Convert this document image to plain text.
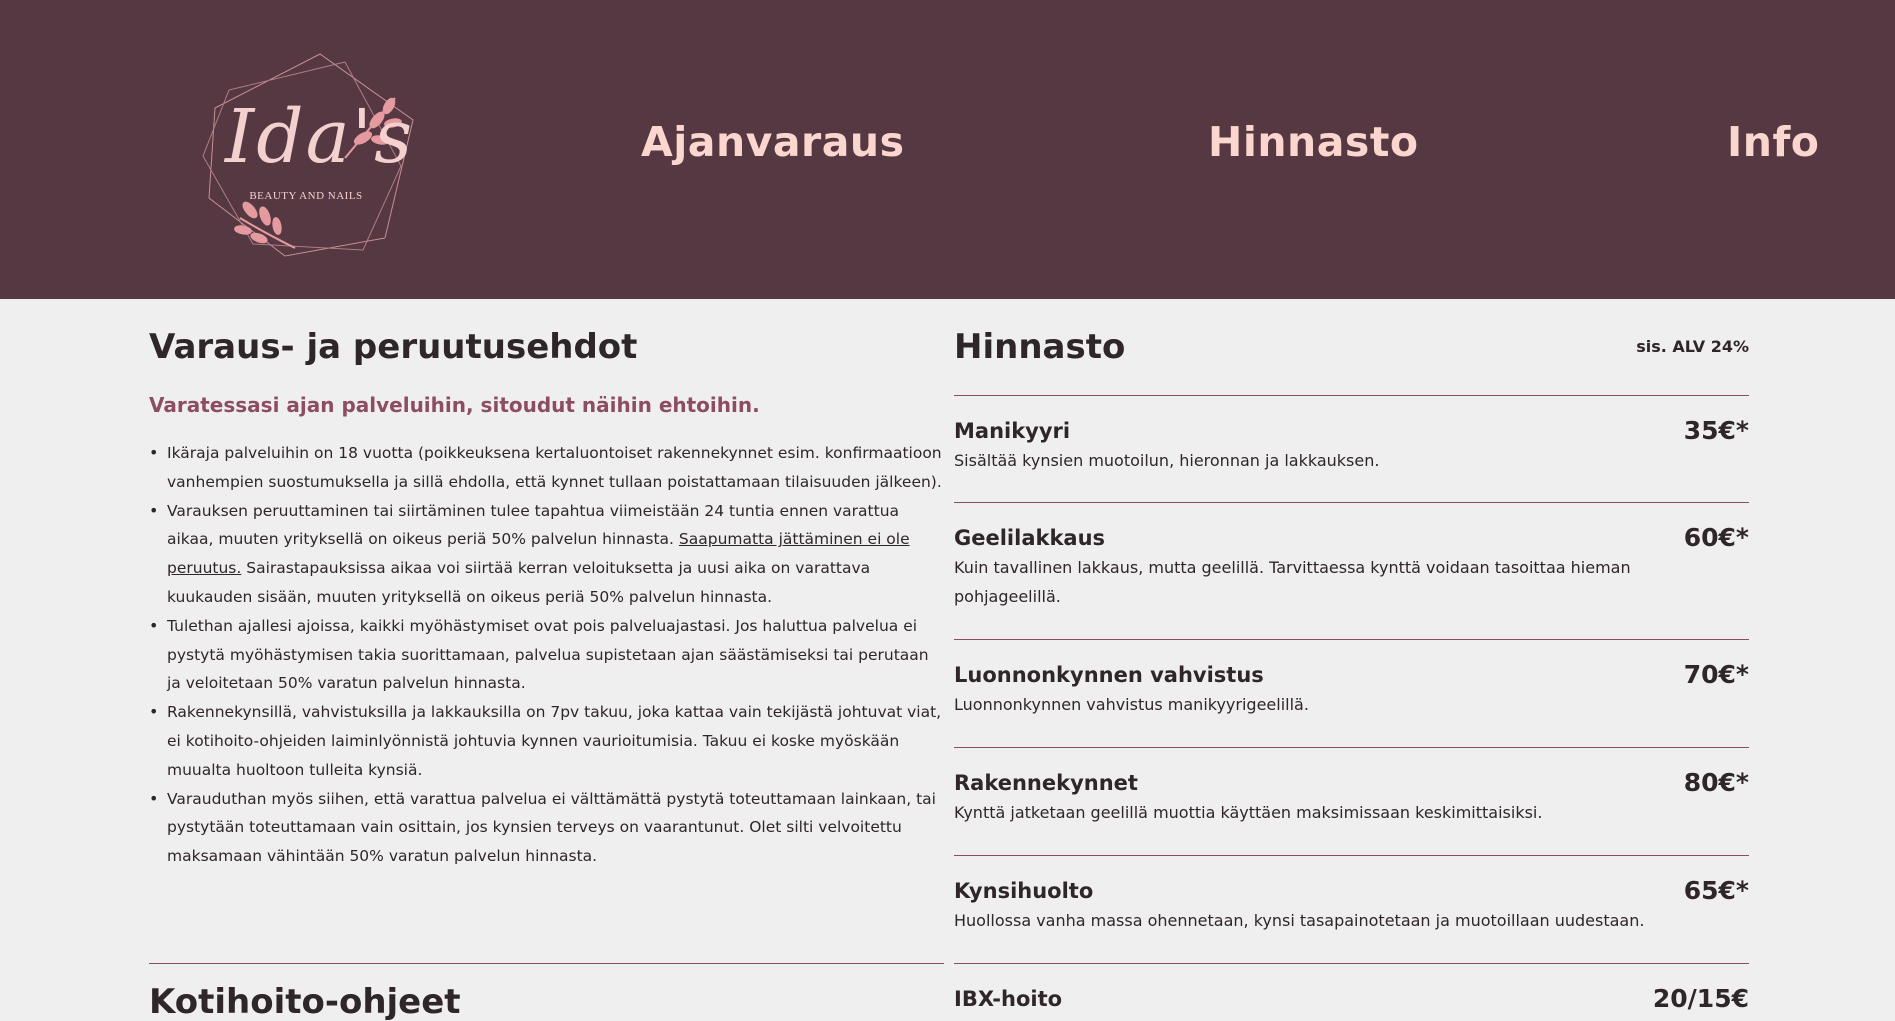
Ida's
BEAUTY AND NAILS
Ajanvaraus	Hinnasto	Info
Varaus- ja peruutusehdot

Varatessasi ajan palveluihin, sitoudut näihin ehtoihin.

• Ikäraja palveluihin on 18 vuotta (poikkeuksena kertaluontoiset rakennekynnet esim. konfirmaatioon vanhempien suostumuksella ja sillä ehdolla, että kynnet tullaan poistattamaan tilaisuuden jälkeen).
• Varauksen peruuttaminen tai siirtäminen tulee tapahtua viimeistään 24 tuntia ennen varattua aikaa, muuten yrityksellä on oikeus periä 50% palvelun hinnasta. Saapumatta jättäminen ei ole peruutus. Sairastapauksissa aikaa voi siirtää kerran veloituksetta ja uusi aika on varattava kuukauden sisään, muuten yrityksellä on oikeus periä 50% palvelun hinnasta.
• Tulethan ajallesi ajoissa, kaikki myöhästymiset ovat pois palveluajastasi. Jos haluttua palvelua ei pystytä myöhästymisen takia suorittamaan, palvelua supistetaan ajan säästämiseksi tai perutaan ja veloitetaan 50% varatun palvelun hinnasta.
• Rakennekynsillä, vahvistuksilla ja lakkauksilla on 7pv takuu, joka kattaa vain tekijästä johtuvat viat, ei kotihoito-ohjeiden laiminlyönnistä johtuvia kynnen vaurioitumisia. Takuu ei koske myöskään muualta huoltoon tulleita kynsiä.
• Varauduthan myös siihen, että varattua palvelua ei välttämättä pystytä toteuttamaan lainkaan, tai pystytään toteuttamaan vain osittain, jos kynsien terveys on vaarantunut. Olet silti velvoitettu maksamaan vähintään 50% varatun palvelun hinnasta.
Kotihoito-ohjeet
Hinnasto	sis. ALV 24%
Manikyyri	35€*
Sisältää kynsien muotoilun, hieronnan ja lakkauksen.
Geelilakkaus	60€*
Kuin tavallinen lakkaus, mutta geelillä. Tarvittaessa kynttä voidaan tasoittaa hieman pohjageelillä.
Luonnonkynnen vahvistus	70€*
Luonnonkynnen vahvistus manikyyrigeelillä.
Rakennekynnet	80€*
Kynttä jatketaan geelillä muottia käyttäen maksimissaan keskimittaisiksi.
Kynsihuolto	65€*
Huollossa vanha massa ohennetaan, kynsi tasapainotetaan ja muotoillaan uudestaan.
IBX-hoito	20/15€
